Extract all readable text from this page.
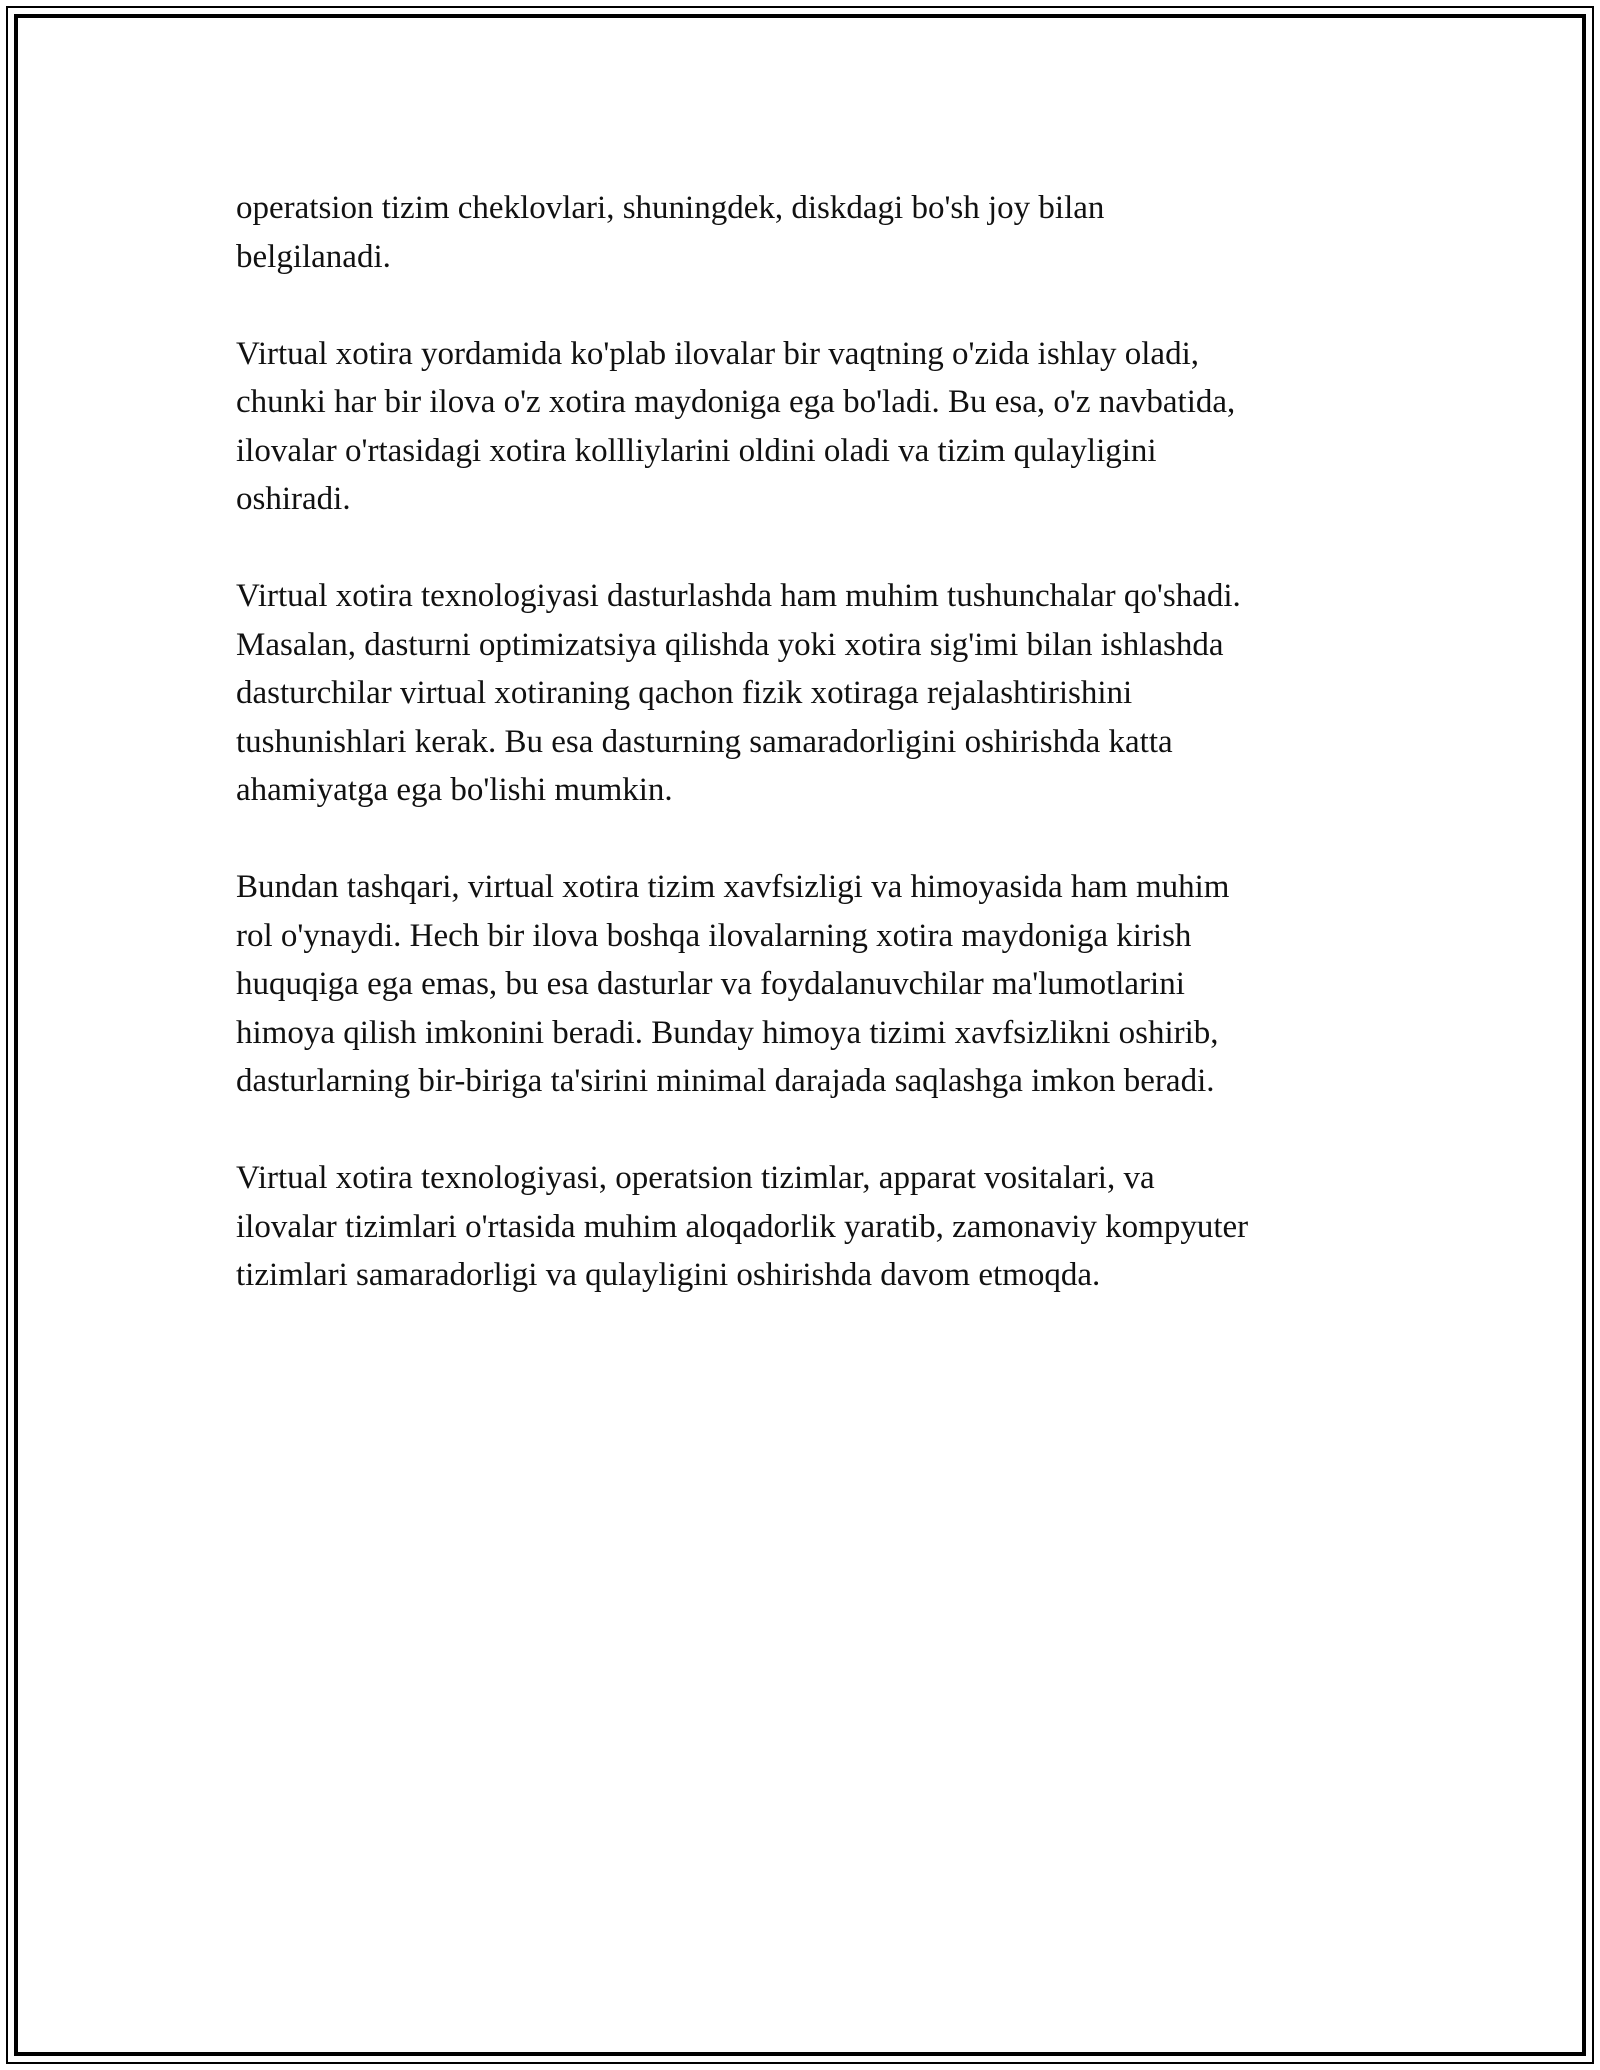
operatsion tizim cheklovlari, shuningdek, diskdagi bo'sh joy bilan
belgilanadi.

Virtual xotira yordamida ko'plab ilovalar bir vaqtning o'zida ishlay oladi,
chunki har bir ilova o'z xotira maydoniga ega bo'ladi. Bu esa, o'z navbatida,
ilovalar o'rtasidagi xotira kollliylarini oldini oladi va tizim qulayligini
oshiradi.

Virtual xotira texnologiyasi dasturlashda ham muhim tushunchalar qo'shadi.
Masalan, dasturni optimizatsiya qilishda yoki xotira sig'imi bilan ishlashda
dasturchilar virtual xotiraning qachon fizik xotiraga rejalashtirishini
tushunishlari kerak. Bu esa dasturning samaradorligini oshirishda katta
ahamiyatga ega bo'lishi mumkin.

Bundan tashqari, virtual xotira tizim xavfsizligi va himoyasida ham muhim
rol o'ynaydi. Hech bir ilova boshqa ilovalarning xotira maydoniga kirish
huquqiga ega emas, bu esa dasturlar va foydalanuvchilar ma'lumotlarini
himoya qilish imkonini beradi. Bunday himoya tizimi xavfsizlikni oshirib,
dasturlarning bir-biriga ta'sirini minimal darajada saqlashga imkon beradi.

Virtual xotira texnologiyasi, operatsion tizimlar, apparat vositalari, va
ilovalar tizimlari o'rtasida muhim aloqadorlik yaratib, zamonaviy kompyuter
tizimlari samaradorligi va qulayligini oshirishda davom etmoqda.
